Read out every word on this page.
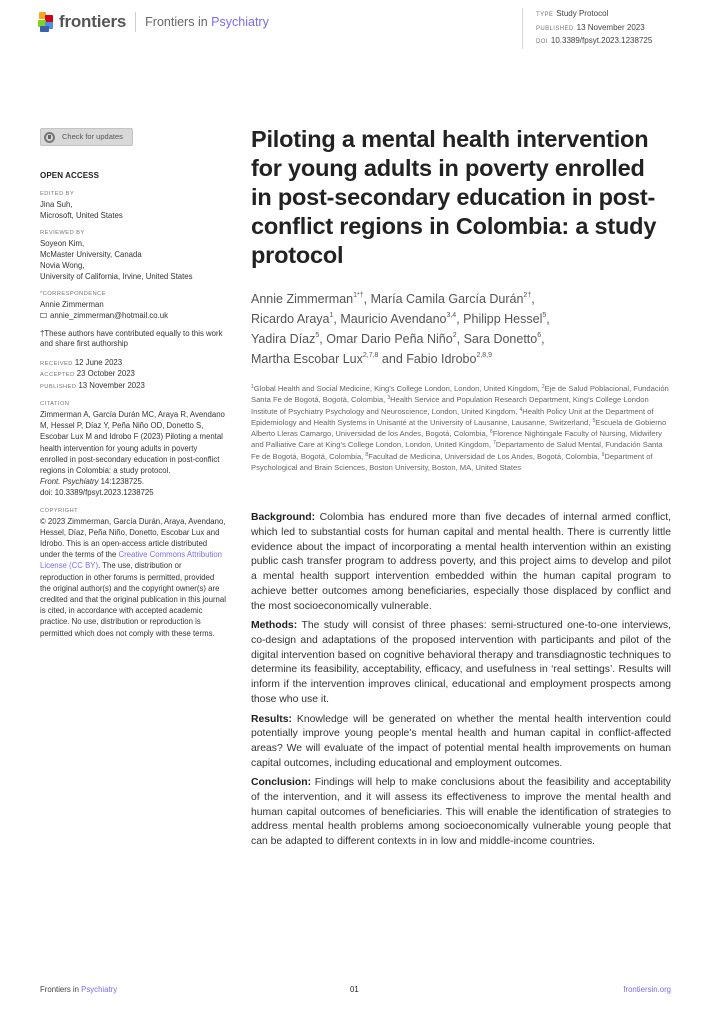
frontiers Frontiers in Psychiatry	TYPE Study Protocol
PUBLISHED 13 November 2023
DOI 10.3389/fpsyt.2023.1238725
Check for updates
OPEN ACCESS
EDITED BY
Jina Suh,
Microsoft, United States
REVIEWED BY
Soyeon Kim,
McMaster University, Canada
Novia Wong,
University of California, Irvine, United States
*CORRESPONDENCE
Annie Zimmerman
annie_zimmerman@hotmail.co.uk
†These authors have contributed equally to this work and share first authorship
RECEIVED 12 June 2023
ACCEPTED 23 October 2023
PUBLISHED 13 November 2023
CITATION
Zimmerman A, García Durán MC, Araya R, Avendano M, Hessel P, Díaz Y, Peña Niño OD, Donetto S, Escobar Lux M and Idrobo F (2023) Piloting a mental health intervention for young adults in poverty enrolled in post-secondary education in post-conflict regions in Colombia: a study protocol.
Front. Psychiatry 14:1238725.
doi: 10.3389/fpsyt.2023.1238725
COPYRIGHT
© 2023 Zimmerman, García Durán, Araya, Avendano, Hessel, Díaz, Peña Niño, Donetto, Escobar Lux and Idrobo. This is an open-access article distributed under the terms of the Creative Commons Attribution License (CC BY). The use, distribution or reproduction in other forums is permitted, provided the original author(s) and the copyright owner(s) are credited and that the original publication in this journal is cited, in accordance with accepted academic practice. No use, distribution or reproduction is permitted which does not comply with these terms.
Piloting a mental health intervention for young adults in poverty enrolled in post-secondary education in post-conflict regions in Colombia: a study protocol
Annie Zimmerman$^{1*\dagger}$, María Camila García Durán$^{2\dagger}$,
Ricardo Araya$^1$, Mauricio Avendano$^{3,4}$, Philipp Hessel$^5$,
Yadira Díaz$^5$, Omar Dario Peña Niño$^2$, Sara Donetto$^6$,
Martha Escobar Lux$^{2,7,8}$ and Fabio Idrobo$^{2,8,9}$
$^1$Global Health and Social Medicine, King's College London, London, United Kingdom, $^2$Eje de Salud Poblacional, Fundación Santa Fe de Bogotá, Bogotá, Colombia, $^3$Health Service and Population Research Department, King's College London Institute of Psychiatry Psychology and Neuroscience, London, United Kingdom, $^4$Health Policy Unit at the Department of Epidemiology and Health Systems in Unisanté at the University of Lausanne, Lausanne, Switzerland, $^5$Escuela de Gobierno Alberto Lleras Camargo, Universidad de los Andes, Bogotá, Colombia, $^6$Florence Nightingale Faculty of Nursing, Midwifery and Palliative Care at King's College London, London, United Kingdom, $^7$Departamento de Salud Mental, Fundación Santa Fe de Bogotá, Bogotá, Colombia, $^8$Facultad de Medicina, Universidad de Los Andes, Bogotá, Colombia, $^9$Department of Psychological and Brain Sciences, Boston University, Boston, MA, United States

Background: Colombia has endured more than five decades of internal armed conflict, which led to substantial costs for human capital and mental health. There is currently little evidence about the impact of incorporating a mental health intervention within an existing public cash transfer program to address poverty, and this project aims to develop and pilot a mental health support intervention embedded within the human capital program to achieve better outcomes among beneficiaries, especially those displaced by conflict and the most socioeconomically vulnerable.

Methods: The study will consist of three phases: semi-structured one-to-one interviews, co-design and adaptations of the proposed intervention with participants and pilot of the digital intervention based on cognitive behavioral therapy and transdiagnostic techniques to determine its feasibility, acceptability, efficacy, and usefulness in ‘real settings’. Results will inform if the intervention improves clinical, educational and employment prospects among those who use it.

Results: Knowledge will be generated on whether the mental health intervention could potentially improve young people’s mental health and human capital in conflict-affected areas? We will evaluate of the impact of potential mental health improvements on human capital outcomes, including educational and employment outcomes.

Conclusion: Findings will help to make conclusions about the feasibility and acceptability of the intervention, and it will assess its effectiveness to improve the mental health and human capital outcomes of beneficiaries. This will enable the identification of strategies to address mental health problems among socioeconomically vulnerable young people that can be adapted to different contexts in in low and middle-income countries.

Frontiers in Psychiatry	01	frontiersin.org
